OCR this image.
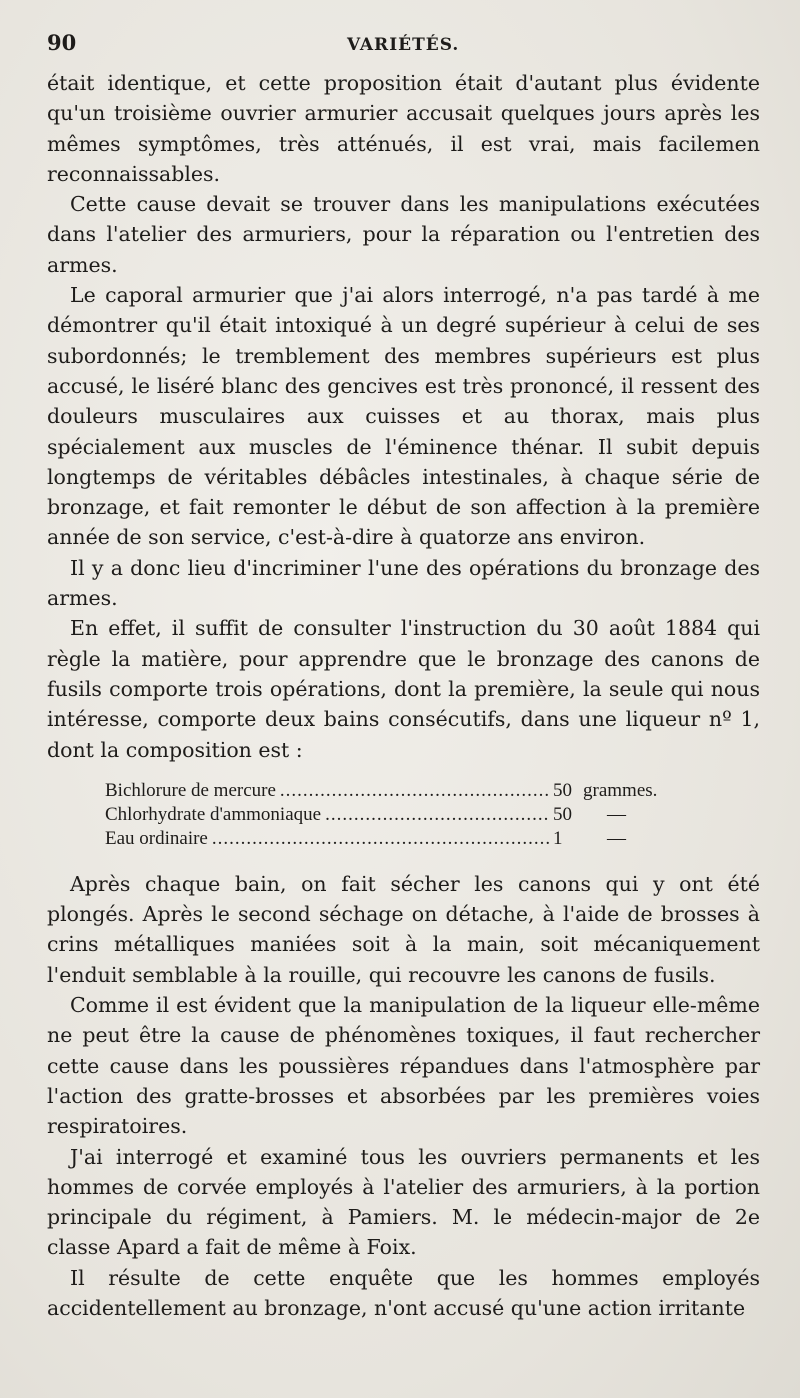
90	VARIÉTÉS.

était identique, et cette proposition était d'autant plus évidente qu'un troisième ouvrier armurier accusait quelques jours après les mêmes symptômes, très atténués, il est vrai, mais facilemen reconnaissables.

Cette cause devait se trouver dans les manipulations exécutées dans l'atelier des armuriers, pour la réparation ou l'entretien des armes.

Le caporal armurier que j'ai alors interrogé, n'a pas tardé à me démontrer qu'il était intoxiqué à un degré supérieur à celui de ses subordonnés; le tremblement des membres supérieurs est plus accusé, le liséré blanc des gencives est très prononcé, il ressent des douleurs musculaires aux cuisses et au thorax, mais plus spécialement aux muscles de l'éminence thénar. Il subit depuis longtemps de véritables débâcles intestinales, à chaque série de bronzage, et fait remonter le début de son affection à la première année de son service, c'est-à-dire à quatorze ans environ.

Il y a donc lieu d'incriminer l'une des opérations du bronzage des armes.

En effet, il suffit de consulter l'instruction du 30 août 1884 qui règle la matière, pour apprendre que le bronzage des canons de fusils comporte trois opérations, dont la première, la seule qui nous intéresse, comporte deux bains consécutifs, dans une liqueur nº 1, dont la composition est :

Bichlorure de mercure .....	50 grammes.
Chlorhydrate d'ammoniaque .....	50	—
Eau ordinaire .....	1	—

Après chaque bain, on fait sécher les canons qui y ont été plongés. Après le second séchage on détache, à l'aide de brosses à crins métalliques maniées soit à la main, soit mécaniquement l'enduit semblable à la rouille, qui recouvre les canons de fusils.

Comme il est évident que la manipulation de la liqueur elle-même ne peut être la cause de phénomènes toxiques, il faut rechercher cette cause dans les poussières répandues dans l'atmosphère par l'action des gratte-brosses et absorbées par les premières voies respiratoires.

J'ai interrogé et examiné tous les ouvriers permanents et les hommes de corvée employés à l'atelier des armuriers, à la portion principale du régiment, à Pamiers. M. le médecin-major de 2e classe Apard a fait de même à Foix.

Il résulte de cette enquête que les hommes employés accidentellement au bronzage, n'ont accusé qu'une action irritante
